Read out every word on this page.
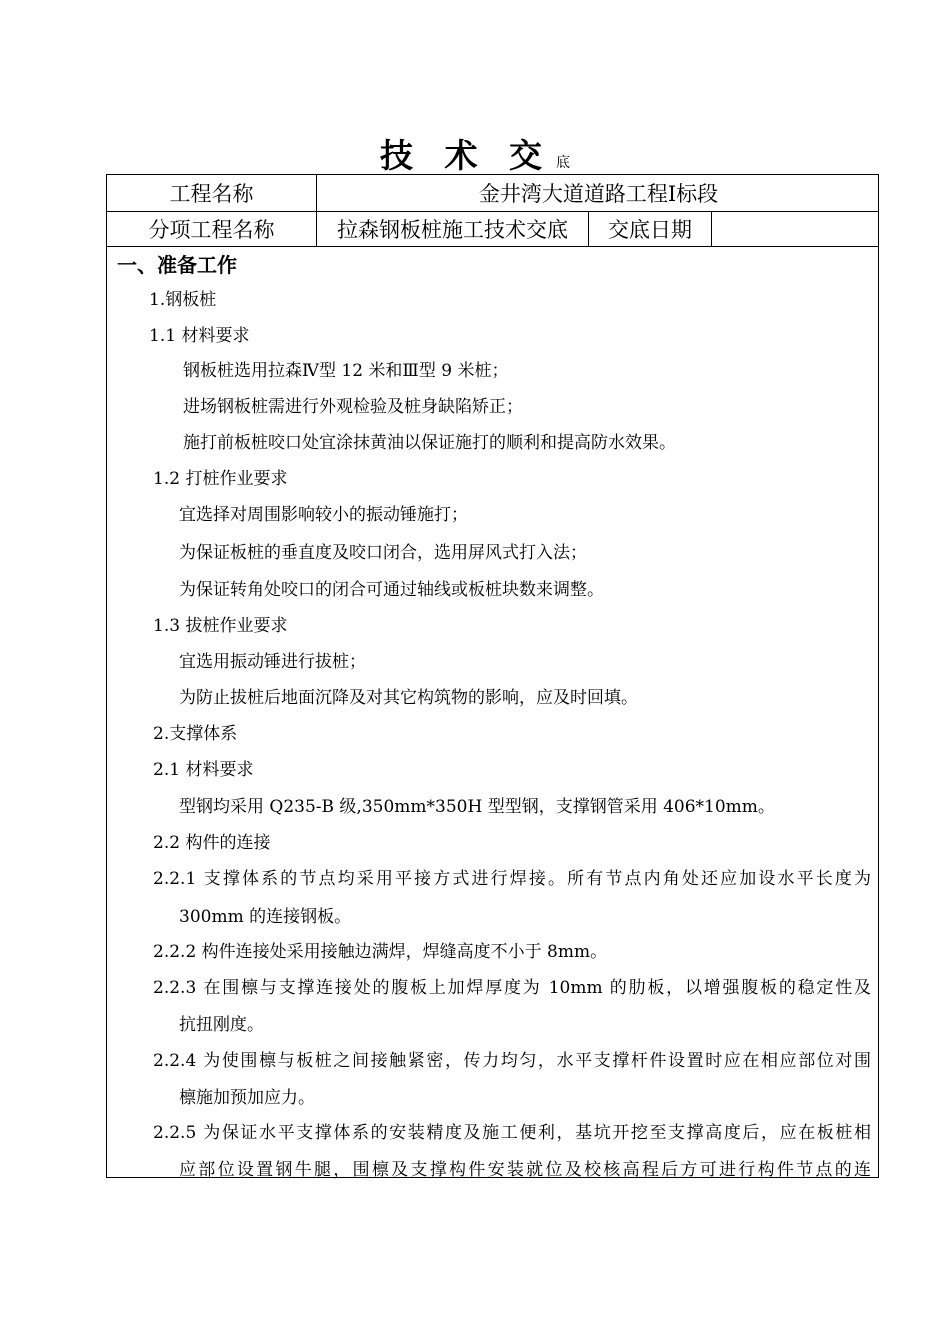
技 术 交 底
工程名称	金井湾大道道路工程Ⅰ标段
分项工程名称	拉森钢板桩施工技术交底	交底日期
一、准备工作
1.钢板桩
1.1 材料要求
钢板桩选用拉森Ⅳ型 12 米和Ⅲ型 9 米桩；
进场钢板桩需进行外观检验及桩身缺陷矫正；
施打前板桩咬口处宜涂抹黄油以保证施打的顺利和提高防水效果。
1.2 打桩作业要求
宜选择对周围影响较小的振动锤施打；
为保证板桩的垂直度及咬口闭合，选用屏风式打入法；
为保证转角处咬口的闭合可通过轴线或板桩块数来调整。
1.3 拔桩作业要求
宜选用振动锤进行拔桩；
为防止拔桩后地面沉降及对其它构筑物的影响，应及时回填。
2.支撑体系
2.1 材料要求
型钢均采用 Q235-B 级,350mm*350H 型型钢，支撑钢管采用 406*10mm。
2.2 构件的连接
2.2.1 支撑体系的节点均采用平接方式进行焊接。所有节点内角处还应加设水平长度为
300mm 的连接钢板。
2.2.2 构件连接处采用接触边满焊，焊缝高度不小于 8mm。
2.2.3 在围檩与支撑连接处的腹板上加焊厚度为 10mm 的肋板，以增强腹板的稳定性及
抗扭刚度。
2.2.4 为使围檩与板桩之间接触紧密，传力均匀，水平支撑杆件设置时应在相应部位对围
檩施加预加应力。
2.2.5 为保证水平支撑体系的安装精度及施工便利，基坑开挖至支撑高度后，应在板桩相
应部位设置钢牛腿，围檩及支撑构件安装就位及校核高程后方可进行构件节点的连
